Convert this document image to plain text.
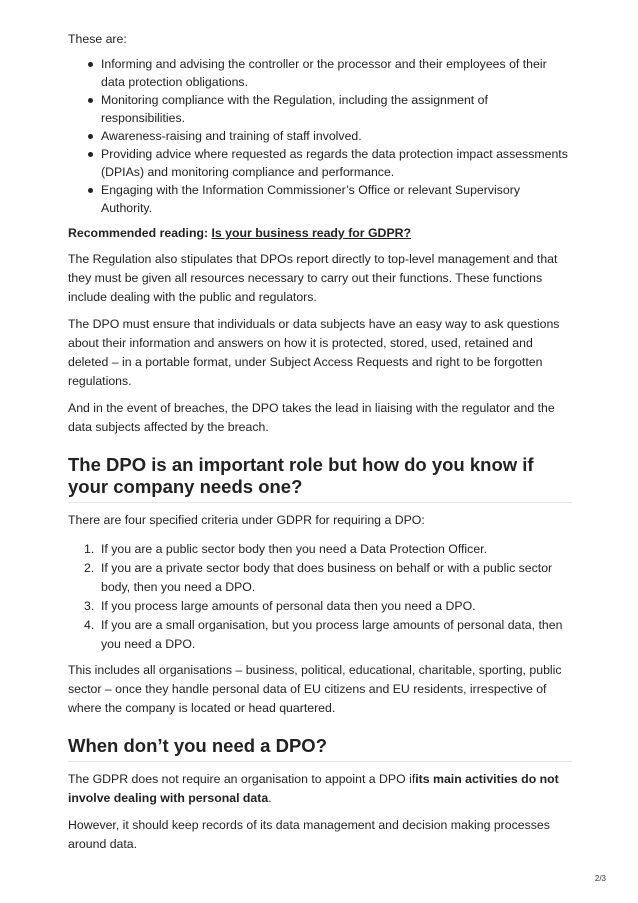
These are:

Informing and advising the controller or the processor and their employees of their data protection obligations.
Monitoring compliance with the Regulation, including the assignment of responsibilities.
Awareness-raising and training of staff involved.
Providing advice where requested as regards the data protection impact assessments (DPIAs) and monitoring compliance and performance.
Engaging with the Information Commissioner’s Office or relevant Supervisory Authority.

Recommended reading: Is your business ready for GDPR?

The Regulation also stipulates that DPOs report directly to top-level management and that they must be given all resources necessary to carry out their functions. These functions include dealing with the public and regulators.

The DPO must ensure that individuals or data subjects have an easy way to ask questions about their information and answers on how it is protected, stored, used, retained and deleted – in a portable format, under Subject Access Requests and right to be forgotten regulations.

And in the event of breaches, the DPO takes the lead in liaising with the regulator and the data subjects affected by the breach.

The DPO is an important role but how do you know if your company needs one?

There are four specified criteria under GDPR for requiring a DPO:

1. If you are a public sector body then you need a Data Protection Officer.
2. If you are a private sector body that does business on behalf or with a public sector body, then you need a DPO.
3. If you process large amounts of personal data then you need a DPO.
4. If you are a small organisation, but you process large amounts of personal data, then you need a DPO.

This includes all organisations – business, political, educational, charitable, sporting, public sector – once they handle personal data of EU citizens and EU residents, irrespective of where the company is located or head quartered.

When don’t you need a DPO?

The GDPR does not require an organisation to appoint a DPO ifits main activities do not involve dealing with personal data.

However, it should keep records of its data management and decision making processes around data.

2/3
